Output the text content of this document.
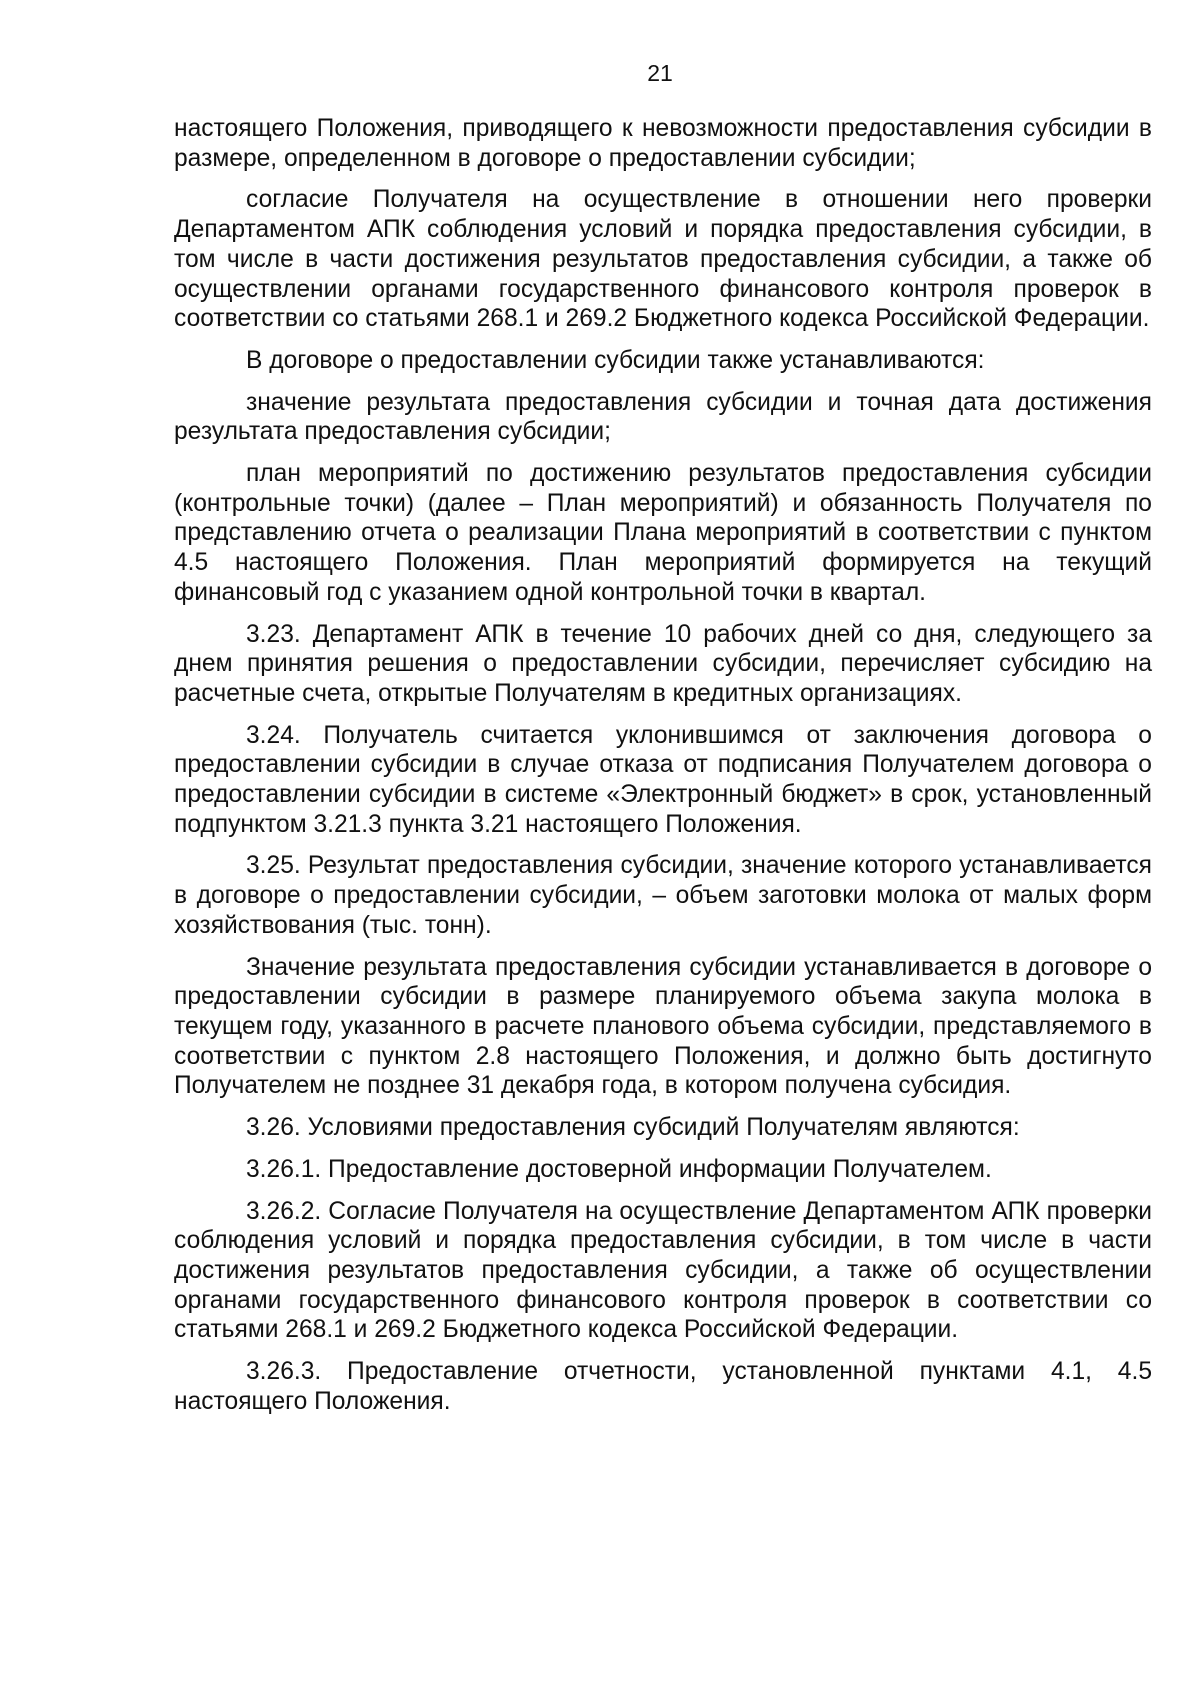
21

настоящего Положения, приводящего к невозможности предоставления субсидии в размере, определенном в договоре о предоставлении субсидии;

согласие Получателя на осуществление в отношении него проверки Департаментом АПК соблюдения условий и порядка предоставления субсидии, в том числе в части достижения результатов предоставления субсидии, а также об осуществлении органами государственного финансового контроля проверок в соответствии со статьями 268.1 и 269.2 Бюджетного кодекса Российской Федерации.

В договоре о предоставлении субсидии также устанавливаются:

значение результата предоставления субсидии и точная дата достижения результата предоставления субсидии;

план мероприятий по достижению результатов предоставления субсидии (контрольные точки) (далее – План мероприятий) и обязанность Получателя по представлению отчета о реализации Плана мероприятий в соответствии с пунктом 4.5 настоящего Положения. План мероприятий формируется на текущий финансовый год с указанием одной контрольной точки в квартал.

3.23. Департамент АПК в течение 10 рабочих дней со дня, следующего за днем принятия решения о предоставлении субсидии, перечисляет субсидию на расчетные счета, открытые Получателям в кредитных организациях.

3.24. Получатель считается уклонившимся от заключения договора о предоставлении субсидии в случае отказа от подписания Получателем договора о предоставлении субсидии в системе «Электронный бюджет» в срок, установленный подпунктом 3.21.3 пункта 3.21 настоящего Положения.

3.25. Результат предоставления субсидии, значение которого устанавливается в договоре о предоставлении субсидии, – объем заготовки молока от малых форм хозяйствования (тыс. тонн).

Значение результата предоставления субсидии устанавливается в договоре о предоставлении субсидии в размере планируемого объема закупа молока в текущем году, указанного в расчете планового объема субсидии, представляемого в соответствии с пунктом 2.8 настоящего Положения, и должно быть достигнуто Получателем не позднее 31 декабря года, в котором получена субсидия.

3.26. Условиями предоставления субсидий Получателям являются:

3.26.1. Предоставление достоверной информации Получателем.

3.26.2. Согласие Получателя на осуществление Департаментом АПК проверки соблюдения условий и порядка предоставления субсидии, в том числе в части достижения результатов предоставления субсидии, а также об осуществлении органами государственного финансового контроля проверок в соответствии со статьями 268.1 и 269.2 Бюджетного кодекса Российской Федерации.

3.26.3. Предоставление отчетности, установленной пунктами 4.1, 4.5 настоящего Положения.
